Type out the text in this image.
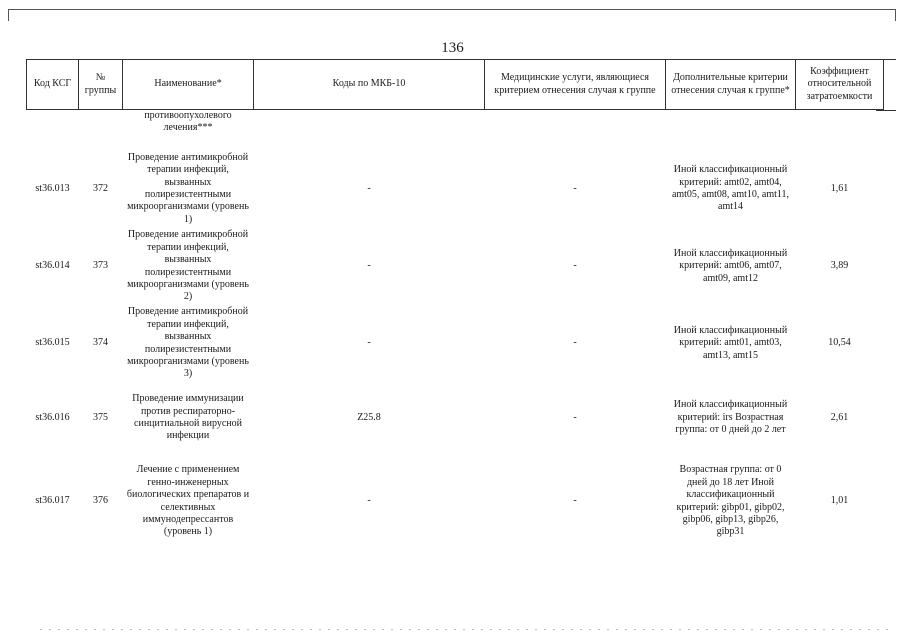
136
Код КСГ	№ группы	Наименование*	Коды по МКБ-10	Медицинские услуги, являющиеся критерием отнесения случая к группе	Дополнительные критерии отнесения случая к группе*	Коэффициент относительной затратоемкости
		противоопухолевого лечения***				
st36.013	372	Проведение антимикробной терапии инфекций, вызванных полирезистентными микроорганизмами (уровень 1)	-	-	Иной классификационный критерий: amt02, amt04, amt05, amt08, amt10, amt11, amt14	1,61
st36.014	373	Проведение антимикробной терапии инфекций, вызванных полирезистентными микроорганизмами (уровень 2)	-	-	Иной классификационный критерий: amt06, amt07, amt09, amt12	3,89
st36.015	374	Проведение антимикробной терапии инфекций, вызванных полирезистентными микроорганизмами (уровень 3)	-	-	Иной классификационный критерий: amt01, amt03, amt13, amt15	10,54
st36.016	375	Проведение иммунизации против респираторно-синцитиальной вирусной инфекции	Z25.8	-	Иной классификационный критерий: irs Возрастная группа: от 0 дней до 2 лет	2,61
st36.017	376	Лечение с применением генно-инженерных биологических препаратов и селективных иммунодепрессантов (уровень 1)	-	-	Возрастная группа: от 0 дней до 18 лет Иной классификационный критерий: gibp01, gibp02, gibp06, gibp13, gibp26, gibp31	1,01
